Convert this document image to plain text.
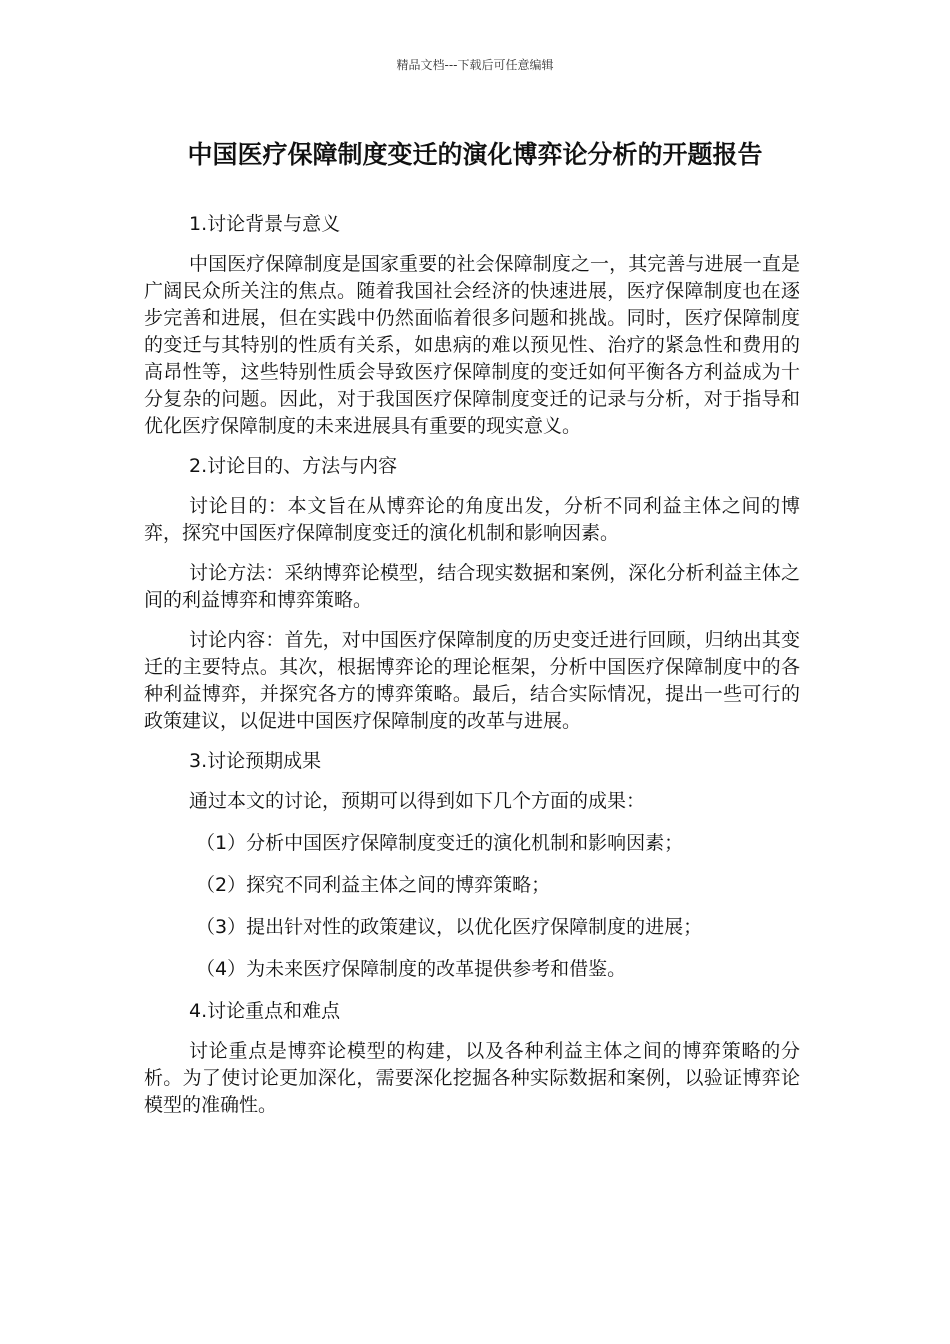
精品文档---下载后可任意编辑
中国医疗保障制度变迁的演化博弈论分析的开题报告

1.讨论背景与意义

中国医疗保障制度是国家重要的社会保障制度之一，其完善与进展一直是广阔民众所关注的焦点。随着我国社会经济的快速进展，医疗保障制度也在逐步完善和进展，但在实践中仍然面临着很多问题和挑战。同时，医疗保障制度的变迁与其特别的性质有关系，如患病的难以预见性、治疗的紧急性和费用的高昂性等，这些特别性质会导致医疗保障制度的变迁如何平衡各方利益成为十分复杂的问题。因此，对于我国医疗保障制度变迁的记录与分析，对于指导和优化医疗保障制度的未来进展具有重要的现实意义。

2.讨论目的、方法与内容

讨论目的：本文旨在从博弈论的角度出发，分析不同利益主体之间的博弈，探究中国医疗保障制度变迁的演化机制和影响因素。

讨论方法：采纳博弈论模型，结合现实数据和案例，深化分析利益主体之间的利益博弈和博弈策略。

讨论内容：首先，对中国医疗保障制度的历史变迁进行回顾，归纳出其变迁的主要特点。其次，根据博弈论的理论框架，分析中国医疗保障制度中的各种利益博弈，并探究各方的博弈策略。最后，结合实际情况，提出一些可行的政策建议，以促进中国医疗保障制度的改革与进展。

3.讨论预期成果

通过本文的讨论，预期可以得到如下几个方面的成果：

（1）分析中国医疗保障制度变迁的演化机制和影响因素；

（2）探究不同利益主体之间的博弈策略；

（3）提出针对性的政策建议，以优化医疗保障制度的进展；

（4）为未来医疗保障制度的改革提供参考和借鉴。

4.讨论重点和难点

讨论重点是博弈论模型的构建，以及各种利益主体之间的博弈策略的分析。为了使讨论更加深化，需要深化挖掘各种实际数据和案例，以验证博弈论模型的准确性。
